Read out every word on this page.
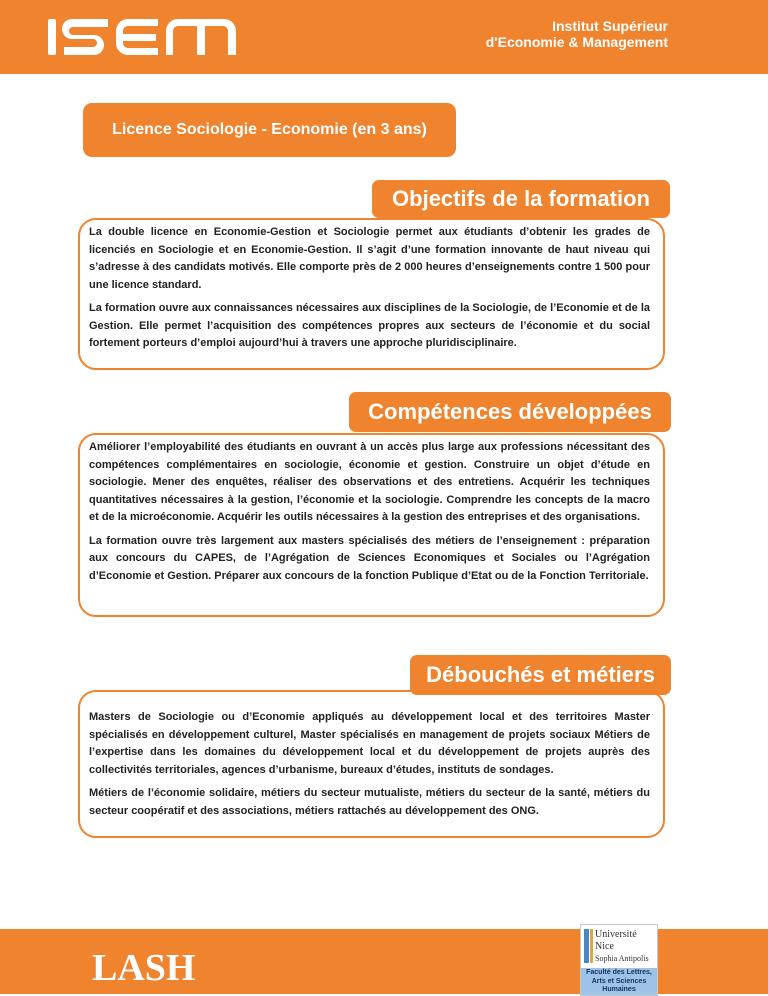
Institut Supérieur
d'Economie & Management
Licence Sociologie - Economie (en 3 ans)
Objectifs de la formation

La double licence en Economie-Gestion et Sociologie permet aux étudiants d’obtenir les grades de licenciés en Sociologie et en Economie-Gestion. Il s’agit d’une formation innovante de haut niveau qui s’adresse à des candidats motivés. Elle comporte près de 2 000 heures d’enseignements contre 1 500 pour une licence standard.

La formation ouvre aux connaissances nécessaires aux disciplines de la Sociologie, de l’Economie et de la Gestion. Elle permet l’acquisition des compétences propres aux secteurs de l’économie et du social fortement porteurs d’emploi aujourd’hui à travers une approche pluridisciplinaire.

Compétences développées

Améliorer l’employabilité des étudiants en ouvrant à un accès plus large aux professions nécessitant des compétences complémentaires en sociologie, économie et gestion. Construire un objet d’étude en sociologie. Mener des enquêtes, réaliser des observations et des entretiens. Acquérir les techniques quantitatives nécessaires à la gestion, l’économie et la sociologie. Comprendre les concepts de la macro et de la microéconomie. Acquérir les outils nécessaires à la gestion des entreprises et des organisations.

La formation ouvre très largement aux masters spécialisés des métiers de l’enseignement : préparation aux concours du CAPES, de l’Agrégation de Sciences Economiques et Sociales ou l’Agrégation d’Economie et Gestion. Préparer aux concours de la fonction Publique d’Etat ou de la Fonction Territoriale.

Débouchés et métiers

Masters de Sociologie ou d’Economie appliqués au développement local et des territoires Master spécialisés en développement culturel, Master spécialisés en management de projets sociaux Métiers de l’expertise dans les domaines du développement local et du développement de projets auprès des collectivités territoriales, agences d’urbanisme, bureaux d’études, instituts de sondages.

Métiers de l’économie solidaire, métiers du secteur mutualiste, métiers du secteur de la santé, métiers du secteur coopératif et des associations, métiers rattachés au développement des ONG.

LASH
Université
Nice
Sophia Antipolis
Faculté des Lettres,
Arts et Sciences
Humaines
